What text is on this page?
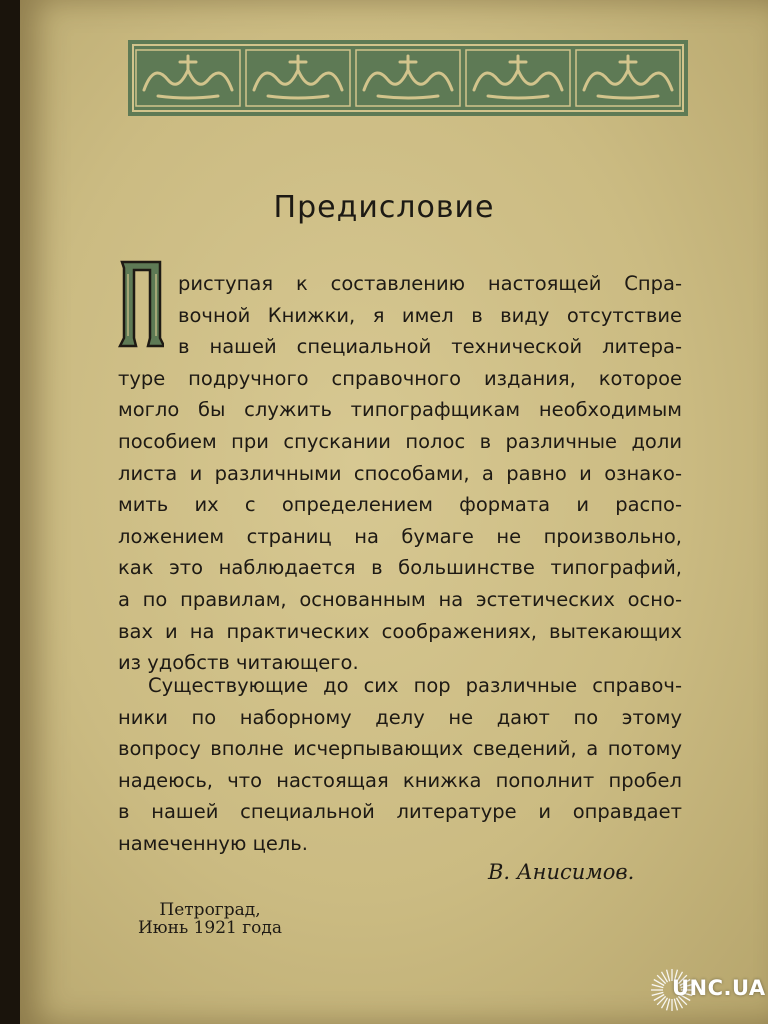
Предисловие
риступая к составлению настоящей Спра-
вочной Книжки, я имел в виду отсутствие
в нашей специальной технической литера-
туре подручного справочного издания, которое
могло бы служить типографщикам необходимым
пособием при спускании полос в различные доли
листа и различными способами, а равно и ознако-
мить их с определением формата и распо-
ложением страниц на бумаге не произвольно,
как это наблюдается в большинстве типографий,
а по правилам, основанным на эстетических осно-
вах и на практических соображениях, вытекающих
из удобств читающего.
Существующие до сих пор различные справоч-
ники по наборному делу не дают по этому
вопросу вполне исчерпывающих сведений, а потому
надеюсь, что настоящая книжка пополнит пробел
в нашей специальной литературе и оправдает
намеченную цель.
В. Анисимов.
Петроград,
Июнь 1921 года
UNC.UA
